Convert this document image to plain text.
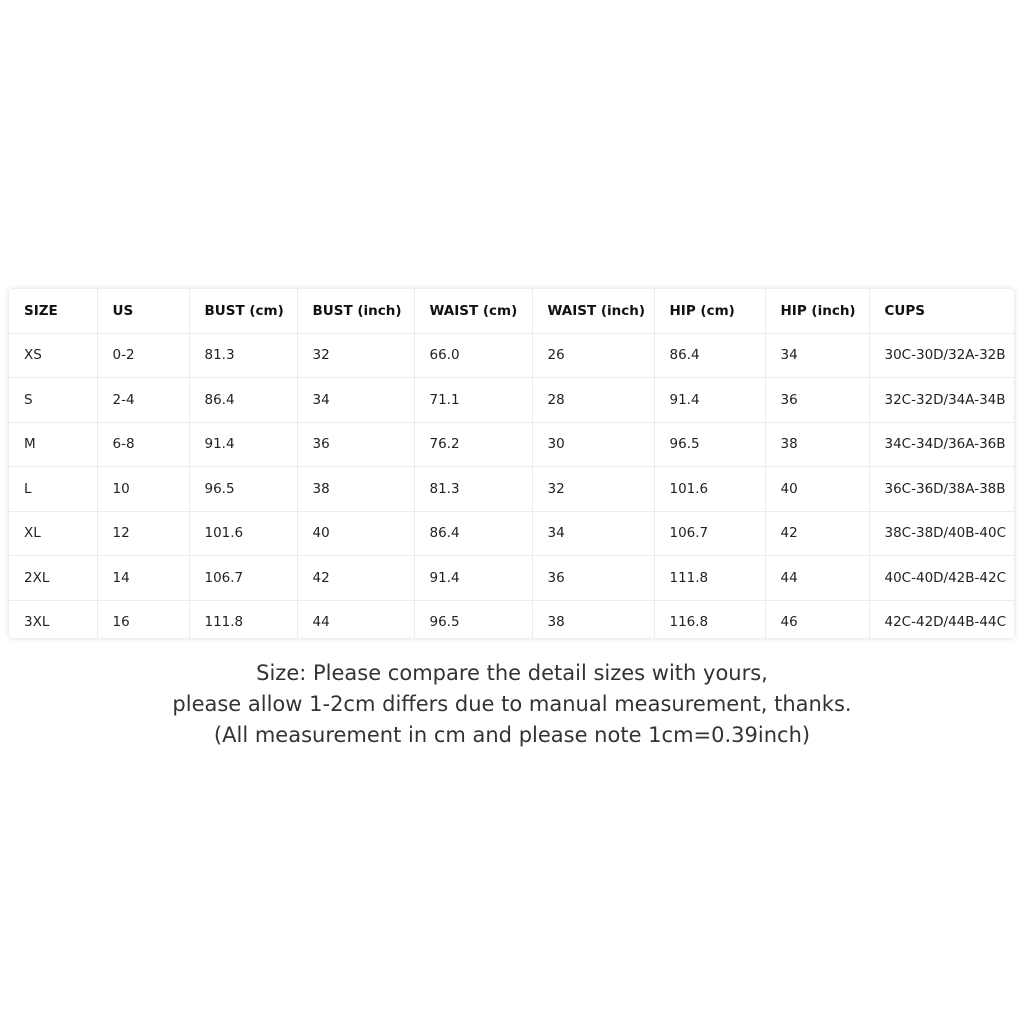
SIZE	US	BUST (cm)	BUST (inch)	WAIST (cm)	WAIST (inch)	HIP (cm)	HIP (inch)	CUPS
XS	0-2	81.3	32	66.0	26	86.4	34	30C-30D/32A-32B
S	2-4	86.4	34	71.1	28	91.4	36	32C-32D/34A-34B
M	6-8	91.4	36	76.2	30	96.5	38	34C-34D/36A-36B
L	10	96.5	38	81.3	32	101.6	40	36C-36D/38A-38B
XL	12	101.6	40	86.4	34	106.7	42	38C-38D/40B-40C
2XL	14	106.7	42	91.4	36	111.8	44	40C-40D/42B-42C
3XL	16	111.8	44	96.5	38	116.8	46	42C-42D/44B-44C
Size: Please compare the detail sizes with yours,
please allow 1-2cm differs due to manual measurement, thanks.
(All measurement in cm and please note 1cm=0.39inch)
